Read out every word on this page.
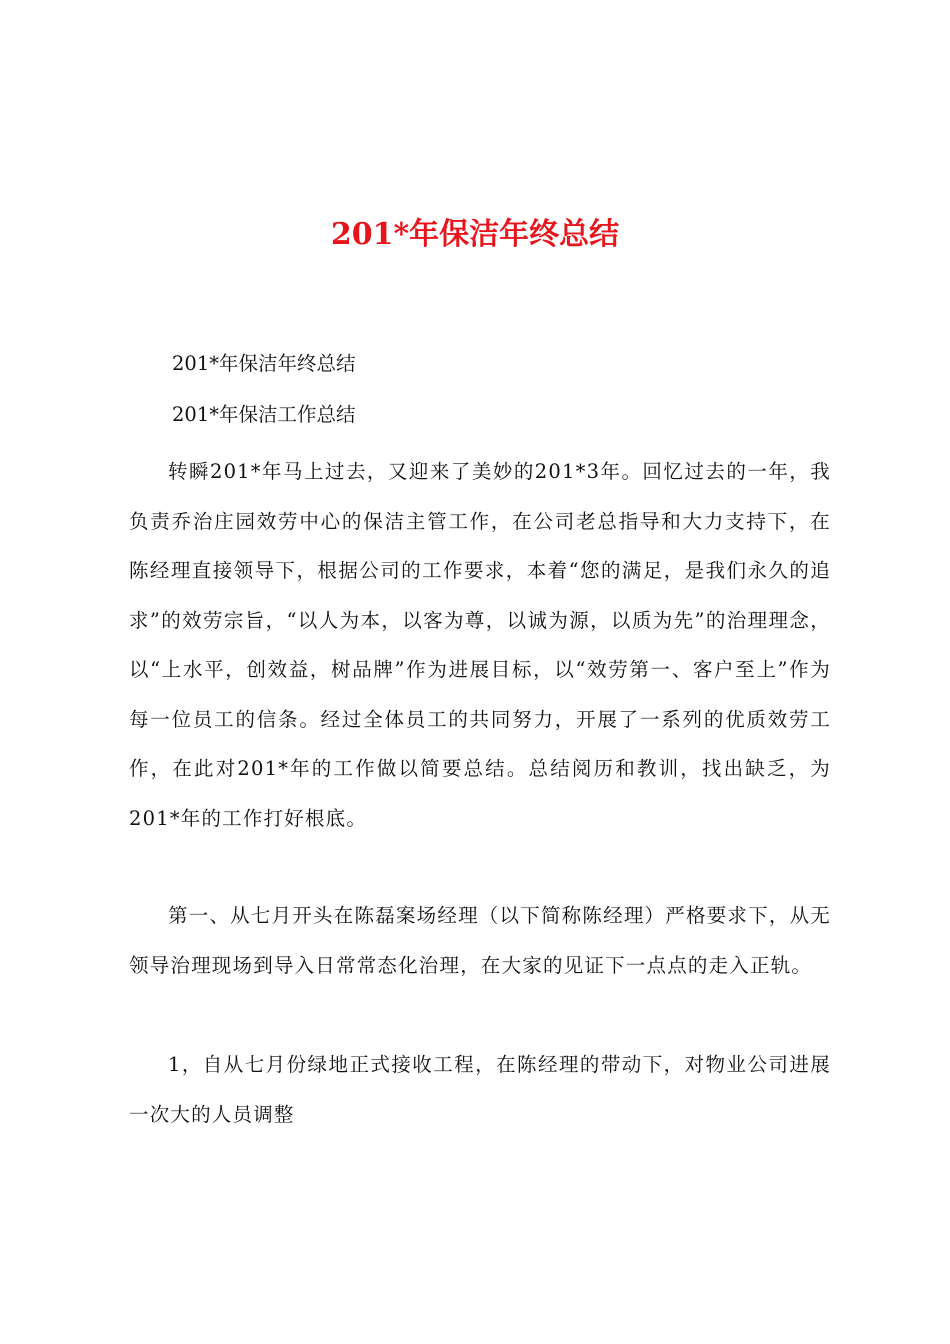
201*年保洁年终总结

201*年保洁年终总结

201*年保洁工作总结

转瞬201*年马上过去，又迎来了美妙的201*3年。回忆过去的一年，我负责乔治庄园效劳中心的保洁主管工作，在公司老总指导和大力支持下，在陈经理直接领导下，根据公司的工作要求，本着“您的满足，是我们永久的追求”的效劳宗旨，“以人为本，以客为尊，以诚为源，以质为先”的治理理念，以“上水平，创效益，树品牌”作为进展目标，以“效劳第一、客户至上”作为每一位员工的信条。经过全体员工的共同努力，开展了一系列的优质效劳工作，在此对201*年的工作做以简要总结。总结阅历和教训，找出缺乏，为201*年的工作打好根底。

第一、从七月开头在陈磊案场经理（以下简称陈经理）严格要求下，从无领导治理现场到导入日常常态化治理，在大家的见证下一点点的走入正轨。

1，自从七月份绿地正式接收工程，在陈经理的带动下，对物业公司进展一次大的人员调整
